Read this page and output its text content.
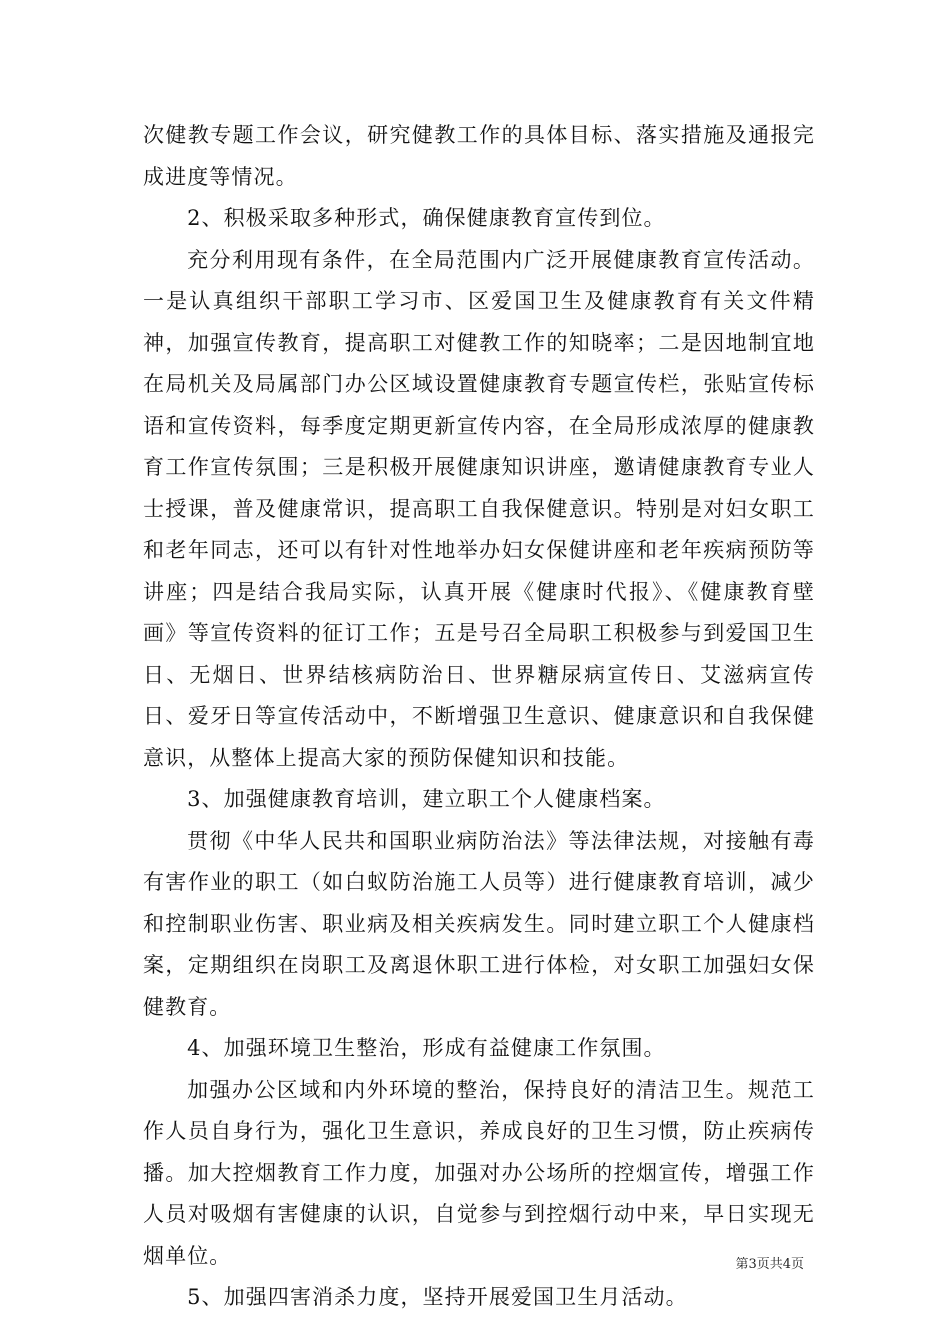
次健教专题工作会议，研究健教工作的具体目标、落实措施及通报完成进度等情况。

2、积极采取多种形式，确保健康教育宣传到位。

充分利用现有条件，在全局范围内广泛开展健康教育宣传活动。一是认真组织干部职工学习市、区爱国卫生及健康教育有关文件精神，加强宣传教育，提高职工对健教工作的知晓率；二是因地制宜地在局机关及局属部门办公区域设置健康教育专题宣传栏，张贴宣传标语和宣传资料，每季度定期更新宣传内容，在全局形成浓厚的健康教育工作宣传氛围；三是积极开展健康知识讲座，邀请健康教育专业人士授课，普及健康常识，提高职工自我保健意识。特别是对妇女职工和老年同志，还可以有针对性地举办妇女保健讲座和老年疾病预防等讲座；四是结合我局实际，认真开展《健康时代报》、《健康教育壁画》等宣传资料的征订工作；五是号召全局职工积极参与到爱国卫生日、无烟日、世界结核病防治日、世界糖尿病宣传日、艾滋病宣传日、爱牙日等宣传活动中，不断增强卫生意识、健康意识和自我保健意识，从整体上提高大家的预防保健知识和技能。

3、加强健康教育培训，建立职工个人健康档案。

贯彻《中华人民共和国职业病防治法》等法律法规，对接触有毒有害作业的职工（如白蚁防治施工人员等）进行健康教育培训，减少和控制职业伤害、职业病及相关疾病发生。同时建立职工个人健康档案，定期组织在岗职工及离退休职工进行体检，对女职工加强妇女保健教育。

4、加强环境卫生整治，形成有益健康工作氛围。

加强办公区域和内外环境的整治，保持良好的清洁卫生。规范工作人员自身行为，强化卫生意识，养成良好的卫生习惯，防止疾病传播。加大控烟教育工作力度，加强对办公场所的控烟宣传，增强工作人员对吸烟有害健康的认识，自觉参与到控烟行动中来，早日实现无烟单位。

5、加强四害消杀力度，坚持开展爱国卫生月活动。

第3页共4页
